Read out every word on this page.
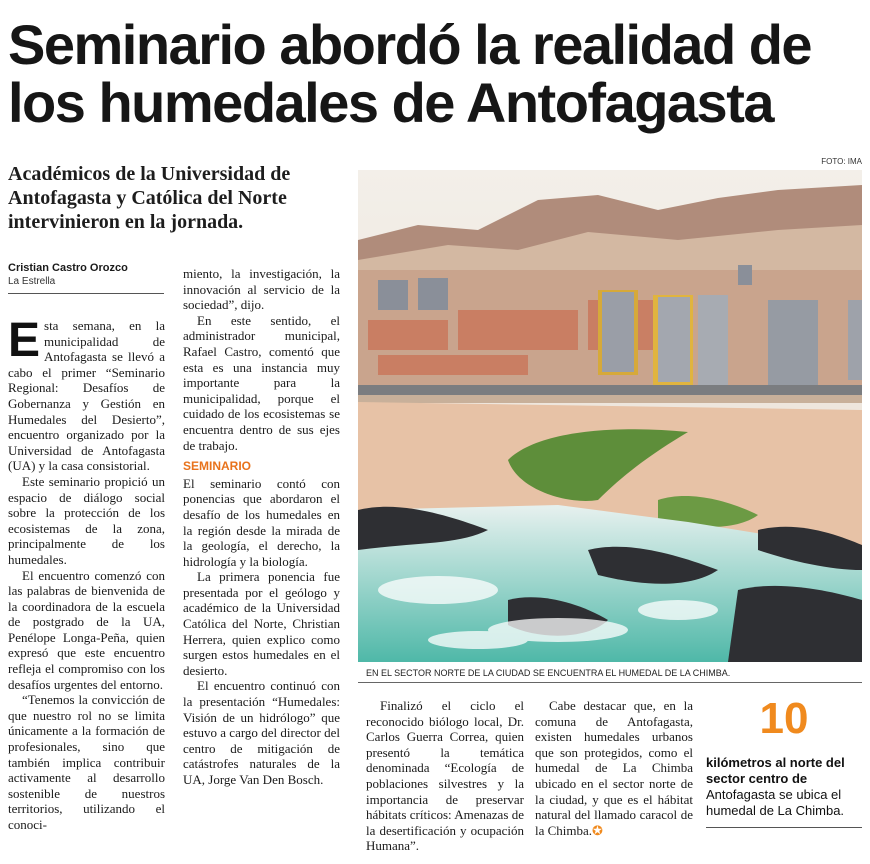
Seminario abordó la realidad de los humedales de Antofagasta
Académicos de la Universidad de Antofagasta y Católica del Norte intervinieron en la jornada.
FOTO: IMA
Cristian Castro Orozco
La Estrella

Esta semana, en la municipalidad de Antofagasta se llevó a cabo el primer “Seminario Regional: Desafíos de Gobernanza y Gestión en Humedales del Desierto”, encuentro organizado por la Universidad de Antofagasta (UA) y la casa consistorial.

Este seminario propició un espacio de diálogo social sobre la protección de los ecosistemas de la zona, principalmente de los humedales.

El encuentro comenzó con las palabras de bienvenida de la coordinadora de la escuela de postgrado de la UA, Penélope Longa-Peña, quien expresó que este encuentro refleja el compromiso con los desafíos urgentes del entorno.

“Tenemos la convicción de que nuestro rol no se limita únicamente a la formación de profesionales, sino que también implica contribuir activamente al desarrollo sostenible de nuestros territorios, utilizando el conoci-

miento, la investigación, la innovación al servicio de la sociedad”, dijo.

En este sentido, el administrador municipal, Rafael Castro, comentó que esta es una instancia muy importante para la municipalidad, porque el cuidado de los ecosistemas se encuentra dentro de sus ejes de trabajo.

SEMINARIO

El seminario contó con ponencias que abordaron el desafío de los humedales en la región desde la mirada de la geología, el derecho, la hidrología y la biología.

La primera ponencia fue presentada por el geólogo y académico de la Universidad Católica del Norte, Christian Herrera, quien explico como surgen estos humedales en el desierto.

El encuentro continuó con la presentación “Humedales: Visión de un hidrólogo” que estuvo a cargo del director del centro de mitigación de catástrofes naturales de la UA, Jorge Van Den Bosch.

EN EL SECTOR NORTE DE LA CIUDAD SE ENCUENTRA EL HUMEDAL DE LA CHIMBA.

Finalizó el ciclo el reconocido biólogo local, Dr. Carlos Guerra Correa, quien presentó la temática denominada “Ecología de poblaciones silvestres y la importancia de preservar hábitats críticos: Amenazas de la desertificación y ocupación Humana”.

Cabe destacar que, en la comuna de Antofagasta, existen humedales urbanos que son protegidos, como el humedal de La Chimba ubicado en el sector norte de la ciudad, y que es el hábitat natural del llamado caracol de la Chimba.✪

10
kilómetros al norte del sector centro de Antofagasta se ubica el humedal de La Chimba.
